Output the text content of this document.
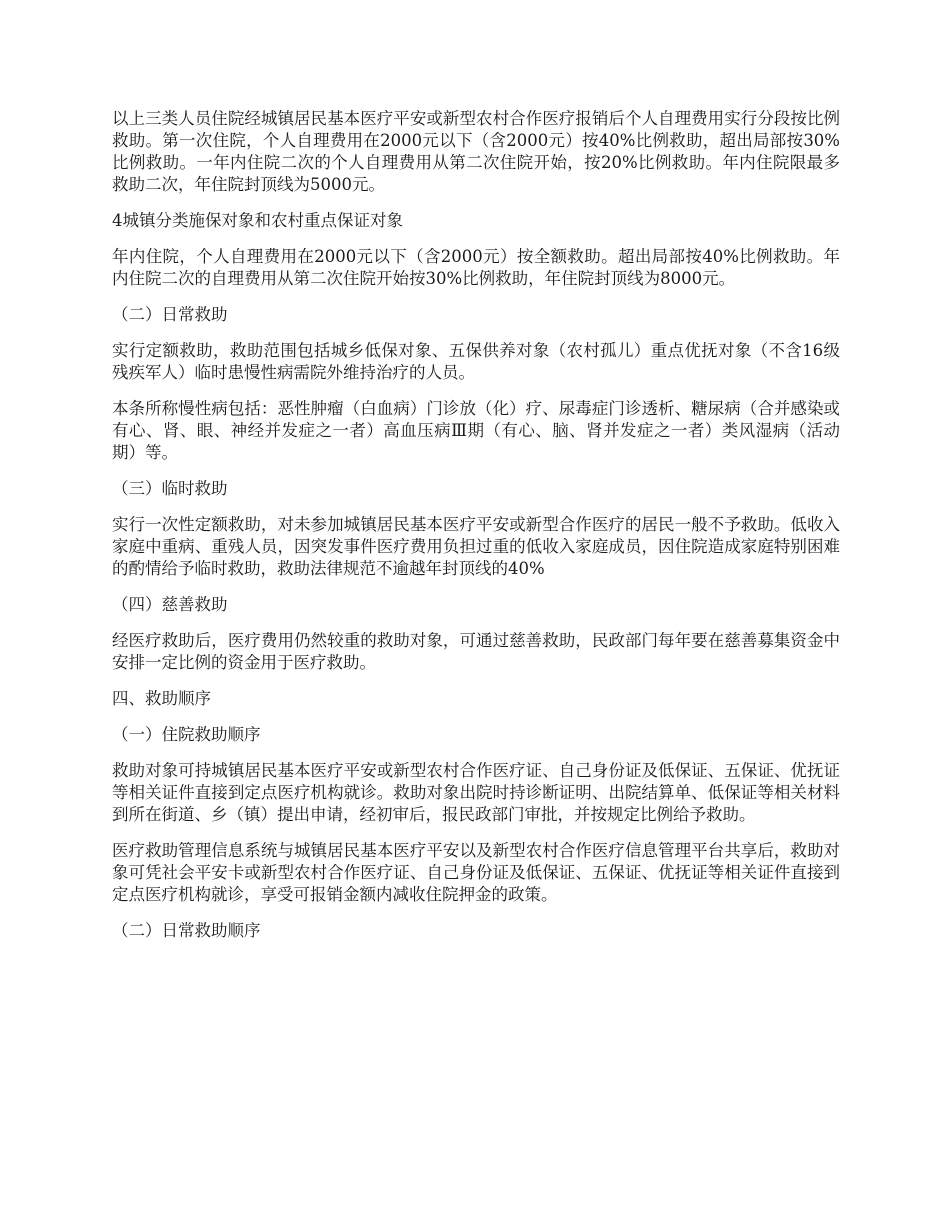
以上三类人员住院经城镇居民基本医疗平安或新型农村合作医疗报销后个人自理费用实行分段按比例救助。第一次住院，个人自理费用在2000元以下（含2000元）按40%比例救助，超出局部按30%比例救助。一年内住院二次的个人自理费用从第二次住院开始，按20%比例救助。年内住院限最多救助二次，年住院封顶线为5000元。

4城镇分类施保对象和农村重点保证对象

年内住院，个人自理费用在2000元以下（含2000元）按全额救助。超出局部按40%比例救助。年内住院二次的自理费用从第二次住院开始按30%比例救助，年住院封顶线为8000元。

（二）日常救助

实行定额救助，救助范围包括城乡低保对象、五保供养对象（农村孤儿）重点优抚对象（不含16级残疾军人）临时患慢性病需院外维持治疗的人员。

本条所称慢性病包括：恶性肿瘤（白血病）门诊放（化）疗、尿毒症门诊透析、糖尿病（合并感染或有心、肾、眼、神经并发症之一者）高血压病Ⅲ期（有心、脑、肾并发症之一者）类风湿病（活动期）等。

（三）临时救助

实行一次性定额救助，对未参加城镇居民基本医疗平安或新型合作医疗的居民一般不予救助。低收入家庭中重病、重残人员，因突发事件医疗费用负担过重的低收入家庭成员，因住院造成家庭特别困难的酌情给予临时救助，救助法律规范不逾越年封顶线的40%

（四）慈善救助

经医疗救助后，医疗费用仍然较重的救助对象，可通过慈善救助，民政部门每年要在慈善募集资金中安排一定比例的资金用于医疗救助。

四、救助顺序

（一）住院救助顺序

救助对象可持城镇居民基本医疗平安或新型农村合作医疗证、自己身份证及低保证、五保证、优抚证等相关证件直接到定点医疗机构就诊。救助对象出院时持诊断证明、出院结算单、低保证等相关材料到所在街道、乡（镇）提出申请，经初审后，报民政部门审批，并按规定比例给予救助。

医疗救助管理信息系统与城镇居民基本医疗平安以及新型农村合作医疗信息管理平台共享后，救助对象可凭社会平安卡或新型农村合作医疗证、自己身份证及低保证、五保证、优抚证等相关证件直接到定点医疗机构就诊，享受可报销金额内减收住院押金的政策。

（二）日常救助顺序
